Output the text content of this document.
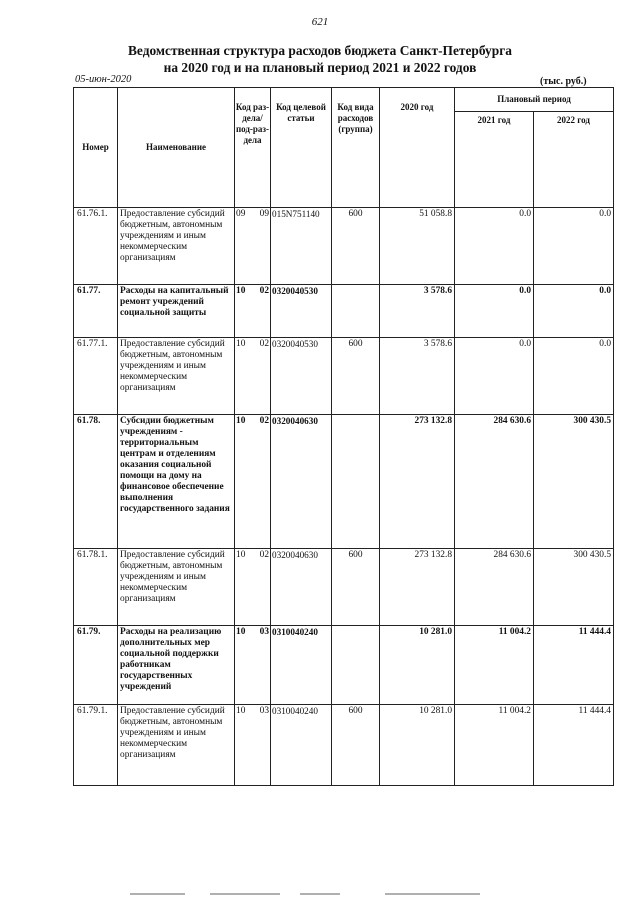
621
Ведомственная структура расходов бюджета Санкт-Петербурга
на 2020 год и на плановый период 2021 и 2022 годов
05-июн-2020	(тыс. руб.)
Номер	Наименование	Код раз-дела/ под-раз-дела	Код целевой статьи	Код вида расходов (группа)	2020 год	Плановый период	
						2021 год	2022 год
61.76.1.	Предоставление субсидий бюджетным, автономным учреждениям и иным некоммерческим организациям	09 09	015N751140	600	51 058.8	0.0	0.0
61.77.	Расходы на капитальный ремонт учреждений социальной защиты	10 02	0320040530		3 578.6	0.0	0.0
61.77.1.	Предоставление субсидий бюджетным, автономным учреждениям и иным некоммерческим организациям	10 02	0320040530	600	3 578.6	0.0	0.0
61.78.	Субсидии бюджетным учреждениям - территориальным центрам и отделениям оказания социальной помощи на дому на финансовое обеспечение выполнения государственного задания	10 02	0320040630		273 132.8	284 630.6	300 430.5
61.78.1.	Предоставление субсидий бюджетным, автономным учреждениям и иным некоммерческим организациям	10 02	0320040630	600	273 132.8	284 630.6	300 430.5
61.79.	Расходы на реализацию дополнительных мер социальной поддержки работникам государственных учреждений	10 03	0310040240		10 281.0	11 004.2	11 444.4
61.79.1.	Предоставление субсидий бюджетным, автономным учреждениям и иным некоммерческим организациям	10 03	0310040240	600	10 281.0	11 004.2	11 444.4
